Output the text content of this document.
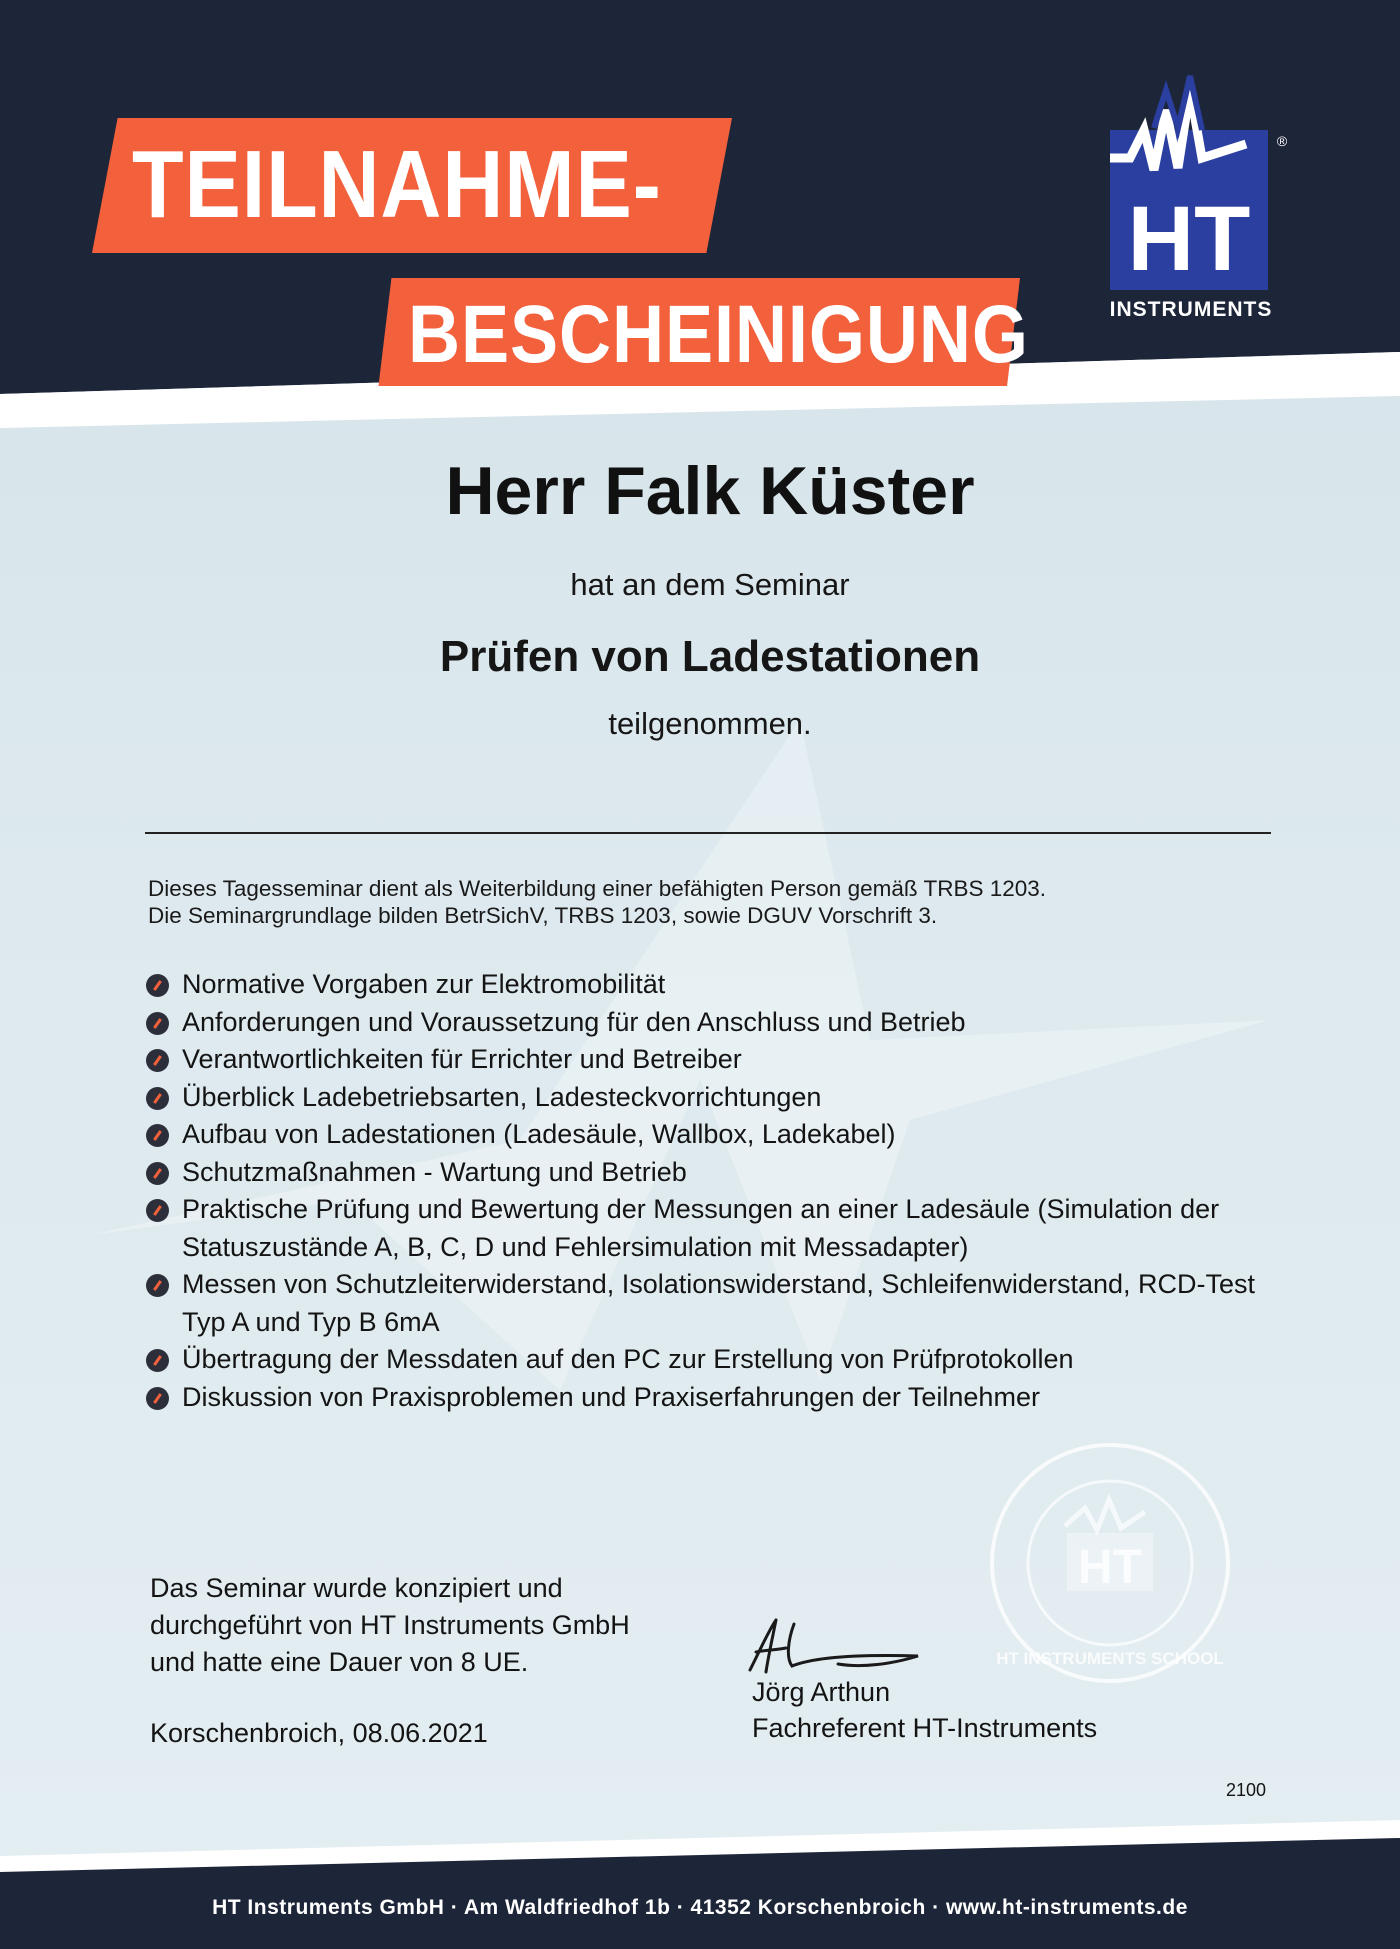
TEILNAHME-
BESCHEINIGUNG
HT
®
INSTRUMENTS
Herr Falk Küster
hat an dem Seminar
Prüfen von Ladestationen
teilgenommen.
Dieses Tagesseminar dient als Weiterbildung einer befähigten Person gemäß TRBS 1203.
Die Seminargrundlage bilden BetrSichV, TRBS 1203, sowie DGUV Vorschrift 3.
Normative Vorgaben zur Elektromobilität
Anforderungen und Voraussetzung für den Anschluss und Betrieb
Verantwortlichkeiten für Errichter und Betreiber
Überblick Ladebetriebsarten, Ladesteckvorrichtungen
Aufbau von Ladestationen (Ladesäule, Wallbox, Ladekabel)
Schutzmaßnahmen - Wartung und Betrieb
Praktische Prüfung und Bewertung der Messungen an einer Ladesäule (Simulation der Statuszustände A, B, C, D und Fehlersimulation mit Messadapter)
Messen von Schutzleiterwiderstand, Isolationswiderstand, Schleifenwiderstand, RCD-Test Typ A und Typ B 6mA
Übertragung der Messdaten auf den PC zur Erstellung von Prüfprotokollen
Diskussion von Praxisproblemen und Praxiserfahrungen der Teilnehmer
HT
HT INSTRUMENTS SCHOOL
Das Seminar wurde konzipiert und
durchgeführt von HT Instruments GmbH
und hatte eine Dauer von 8 UE.
Korschenbroich, 08.06.2021
Jörg Arthun
Fachreferent HT-Instruments
2100
HT Instruments GmbH · Am Waldfriedhof 1b · 41352 Korschenbroich · www.ht-instruments.de
